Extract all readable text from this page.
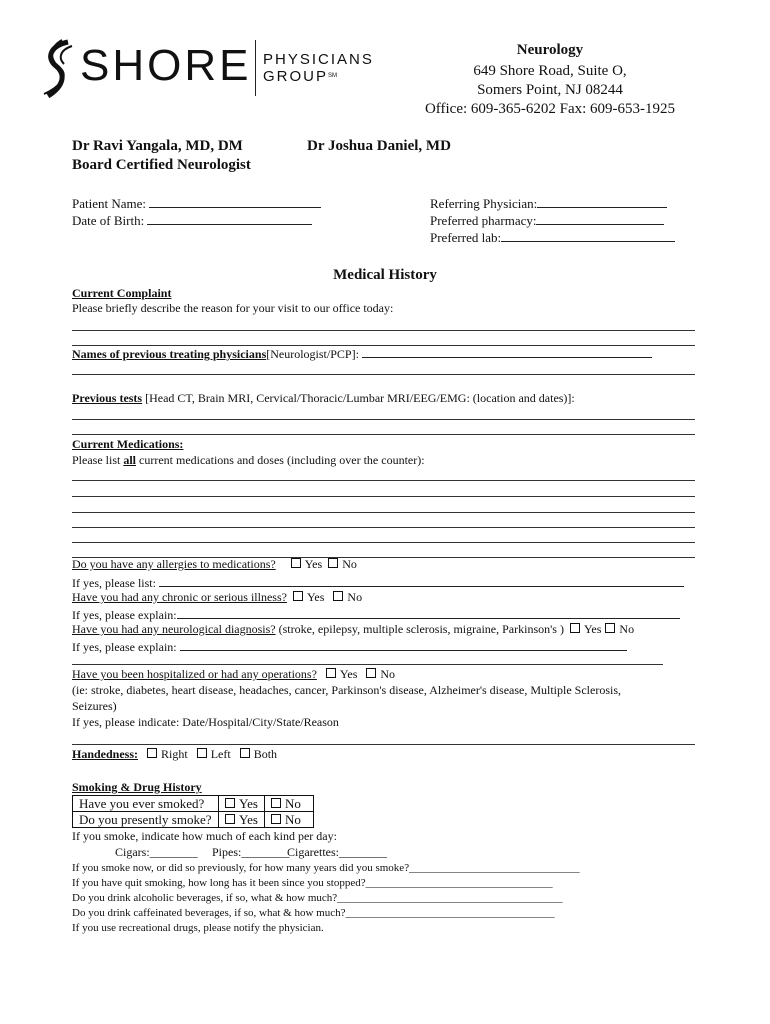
SHORE PHYSICIANS
GROUP℠
Neurology
649 Shore Road, Suite O,
Somers Point, NJ 08244
Office: 609-365-6202 Fax: 609-653-1925
Dr Ravi Yangala, MD, DM
Board Certified Neurologist
Dr Joshua Daniel, MD
Patient Name:
Date of Birth:
Referring Physician:
Preferred pharmacy:
Preferred lab:
Medical History
Current Complaint
Please briefly describe the reason for your visit to our office today:
Names of previous treating physicians[Neurologist/PCP]:
Previous tests [Head CT, Brain MRI, Cervical/Thoracic/Lumbar MRI/EEG/EMG: (location and dates)]:
Current Medications:
Please list all current medications and doses (including over the counter):
Do you have any allergies to medications? Yes No
If yes, please list:
Have you had any chronic or serious illness? Yes No
If yes, please explain:
Have you had any neurological diagnosis? (stroke, epilepsy, multiple sclerosis, migraine, Parkinson's ) Yes No
If yes, please explain:
Have you been hospitalized or had any operations? Yes No
(ie: stroke, diabetes, heart disease, headaches, cancer, Parkinson's disease, Alzheimer's disease, Multiple Sclerosis,
Seizures)
If yes, please indicate: Date/Hospital/City/State/Reason
Handedness: Right Left Both
Smoking & Drug History
Have you ever smoked?	Yes	No
Do you presently smoke?	Yes	No
If you smoke, indicate how much of each kind per day:
Cigars:________ Pipes:________
Cigarettes:________
If you smoke now, or did so previously, for how many years did you smoke?_______________________________
If you have quit smoking, how long has it been since you stopped?__________________________________
Do you drink alcoholic beverages, if so, what & how much?_________________________________________
Do you drink caffeinated beverages, if so, what & how much?______________________________________
If you use recreational drugs, please notify the physician.
